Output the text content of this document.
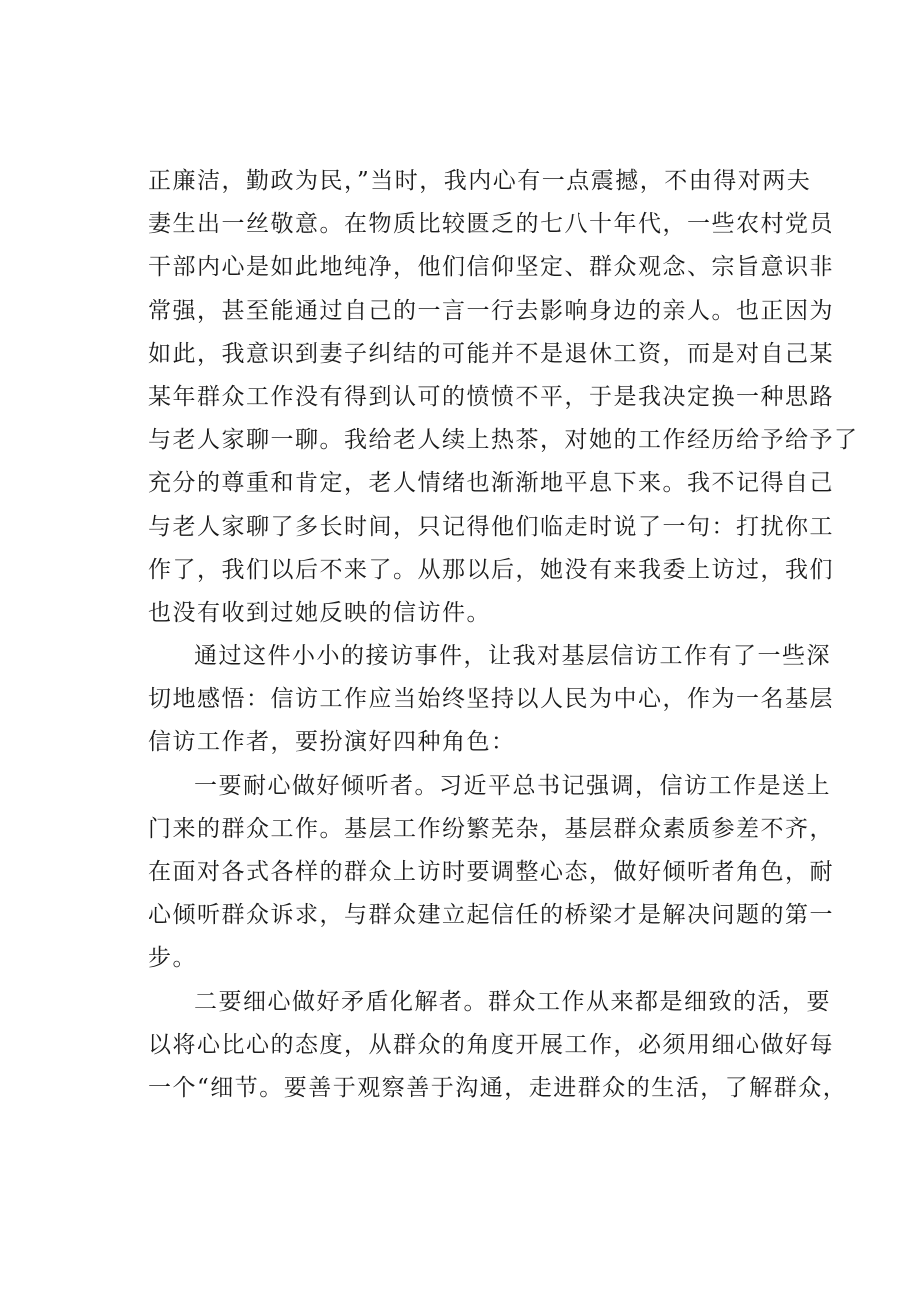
正廉洁，勤政为民，”当时，我内心有一点震撼，不由得对两夫
妻生出一丝敬意。在物质比较匮乏的七八十年代，一些农村党员
干部内心是如此地纯净，他们信仰坚定、群众观念、宗旨意识非
常强，甚至能通过自己的一言一行去影响身边的亲人。也正因为
如此，我意识到妻子纠结的可能并不是退休工资，而是对自己某
某年群众工作没有得到认可的愤愤不平，于是我决定换一种思路
与老人家聊一聊。我给老人续上热茶，对她的工作经历给予给予了
充分的尊重和肯定，老人情绪也渐渐地平息下来。我不记得自己
与老人家聊了多长时间，只记得他们临走时说了一句：打扰你工
作了，我们以后不来了。从那以后，她没有来我委上访过，我们
也没有收到过她反映的信访件。
通过这件小小的接访事件，让我对基层信访工作有了一些深
切地感悟：信访工作应当始终坚持以人民为中心，作为一名基层
信访工作者，要扮演好四种角色：
一要耐心做好倾听者。习近平总书记强调，信访工作是送上
门来的群众工作。基层工作纷繁芜杂，基层群众素质参差不齐，
在面对各式各样的群众上访时要调整心态，做好倾听者角色，耐
心倾听群众诉求，与群众建立起信任的桥梁才是解决问题的第一
步。
二要细心做好矛盾化解者。群众工作从来都是细致的活，要
以将心比心的态度，从群众的角度开展工作，必须用细心做好每
一个“细节。要善于观察善于沟通，走进群众的生活，了解群众，
